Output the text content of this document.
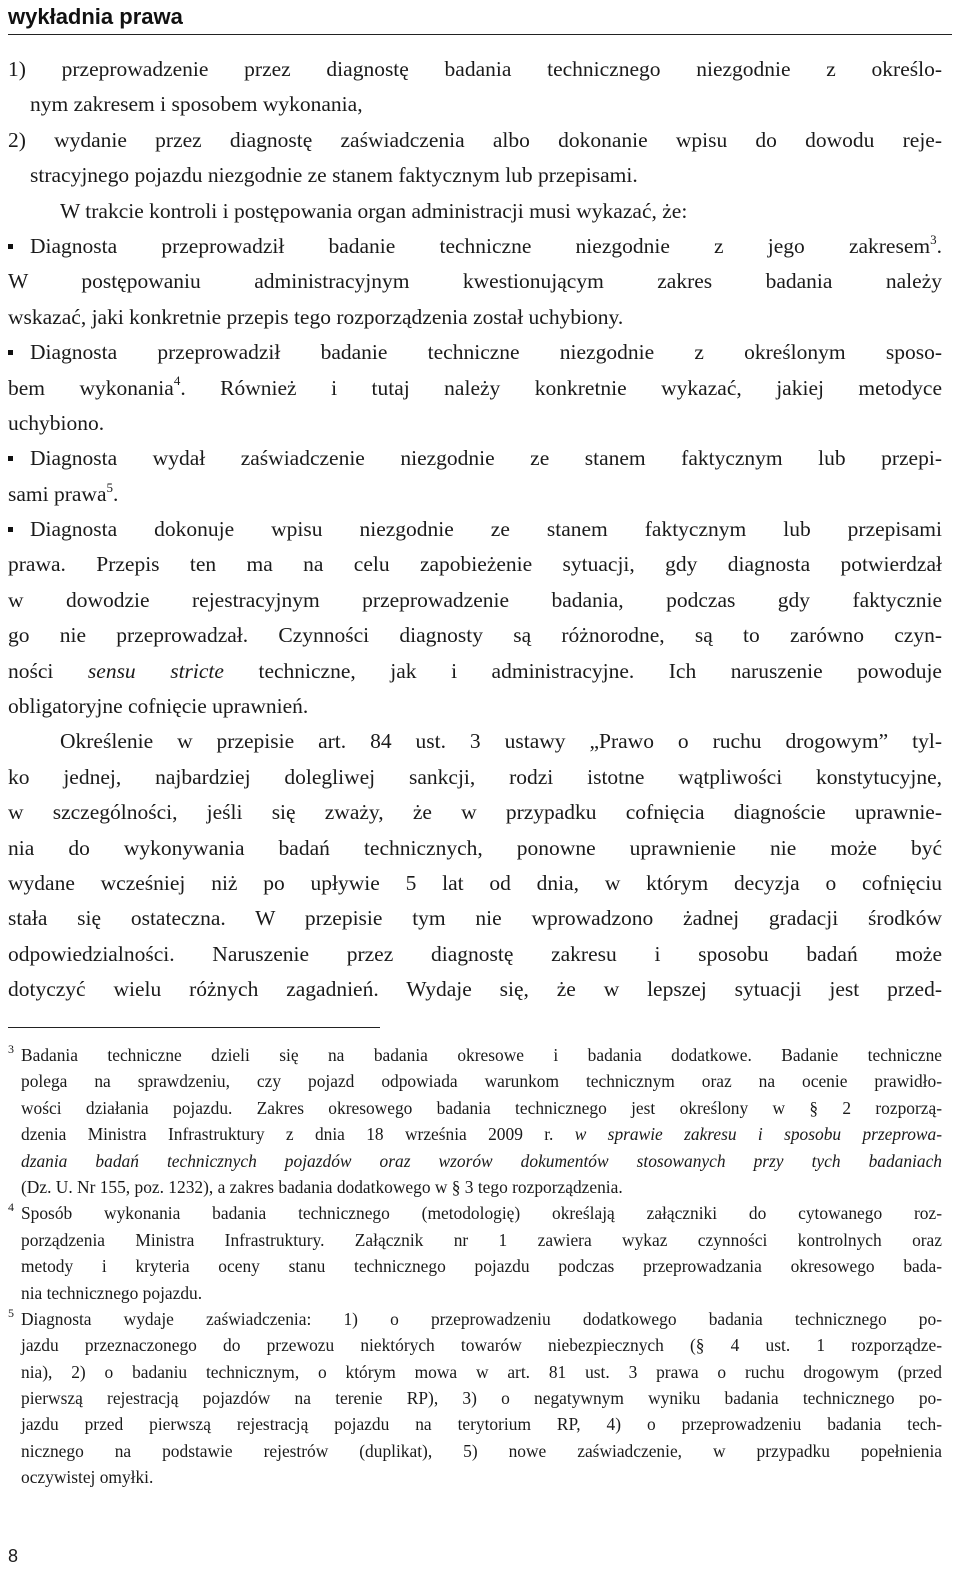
wykładnia prawa
1) przeprowadzenie przez diagnostę badania technicznego niezgodnie z określo-
nym zakresem i sposobem wykonania,
2) wydanie przez diagnostę zaświadczenia albo dokonanie wpisu do dowodu reje-
stracyjnego pojazdu niezgodnie ze stanem faktycznym lub przepisami.
W trakcie kontroli i postępowania organ administracji musi wykazać, że:
Diagnosta przeprowadził badanie techniczne niezgodnie z jego zakresem$^3$.
W postępowaniu administracyjnym kwestionującym zakres badania należy
wskazać, jaki konkretnie przepis tego rozporządzenia został uchybiony.
Diagnosta przeprowadził badanie techniczne niezgodnie z określonym sposo-
bem wykonania$^4$. Również i tutaj należy konkretnie wykazać, jakiej metodyce
uchybiono.
Diagnosta wydał zaświadczenie niezgodnie ze stanem faktycznym lub przepi-
sami prawa$^5$.
Diagnosta dokonuje wpisu niezgodnie ze stanem faktycznym lub przepisami
prawa. Przepis ten ma na celu zapobieżenie sytuacji, gdy diagnosta potwierdzał
w dowodzie rejestracyjnym przeprowadzenie badania, podczas gdy faktycznie
go nie przeprowadzał. Czynności diagnosty są różnorodne, są to zarówno czyn-
ności sensu stricte techniczne, jak i administracyjne. Ich naruszenie powoduje
obligatoryjne cofnięcie uprawnień.
Określenie w przepisie art. 84 ust. 3 ustawy „Prawo o ruchu drogowym” tyl-
ko jednej, najbardziej dolegliwej sankcji, rodzi istotne wątpliwości konstytucyjne,
w szczególności, jeśli się zważy, że w przypadku cofnięcia diagnoście uprawnie-
nia do wykonywania badań technicznych, ponowne uprawnienie nie może być
wydane wcześniej niż po upływie 5 lat od dnia, w którym decyzja o cofnięciu
stała się ostateczna. W przepisie tym nie wprowadzono żadnej gradacji środków
odpowiedzialności. Naruszenie przez diagnostę zakresu i sposobu badań może
dotyczyć wielu różnych zagadnień. Wydaje się, że w lepszej sytuacji jest przed-
3 Badania techniczne dzieli się na badania okresowe i badania dodatkowe. Badanie techniczne
polega na sprawdzeniu, czy pojazd odpowiada warunkom technicznym oraz na ocenie prawidło-
wości działania pojazdu. Zakres okresowego badania technicznego jest określony w § 2 rozporzą-
dzenia Ministra Infrastruktury z dnia 18 września 2009 r. w sprawie zakresu i sposobu przeprowa-
dzania badań technicznych pojazdów oraz wzorów dokumentów stosowanych przy tych badaniach
(Dz. U. Nr 155, poz. 1232), a zakres badania dodatkowego w § 3 tego rozporządzenia.
4 Sposób wykonania badania technicznego (metodologię) określają załączniki do cytowanego roz-
porządzenia Ministra Infrastruktury. Załącznik nr 1 zawiera wykaz czynności kontrolnych oraz
metody i kryteria oceny stanu technicznego pojazdu podczas przeprowadzania okresowego bada-
nia technicznego pojazdu.
5 Diagnosta wydaje zaświadczenia: 1) o przeprowadzeniu dodatkowego badania technicznego po-
jazdu przeznaczonego do przewozu niektórych towarów niebezpiecznych (§ 4 ust. 1 rozporządze-
nia), 2) o badaniu technicznym, o którym mowa w art. 81 ust. 3 prawa o ruchu drogowym (przed
pierwszą rejestracją pojazdów na terenie RP), 3) o negatywnym wyniku badania technicznego po-
jazdu przed pierwszą rejestracją pojazdu na terytorium RP, 4) o przeprowadzeniu badania tech-
nicznego na podstawie rejestrów (duplikat), 5) nowe zaświadczenie, w przypadku popełnienia
oczywistej omyłki.
8
